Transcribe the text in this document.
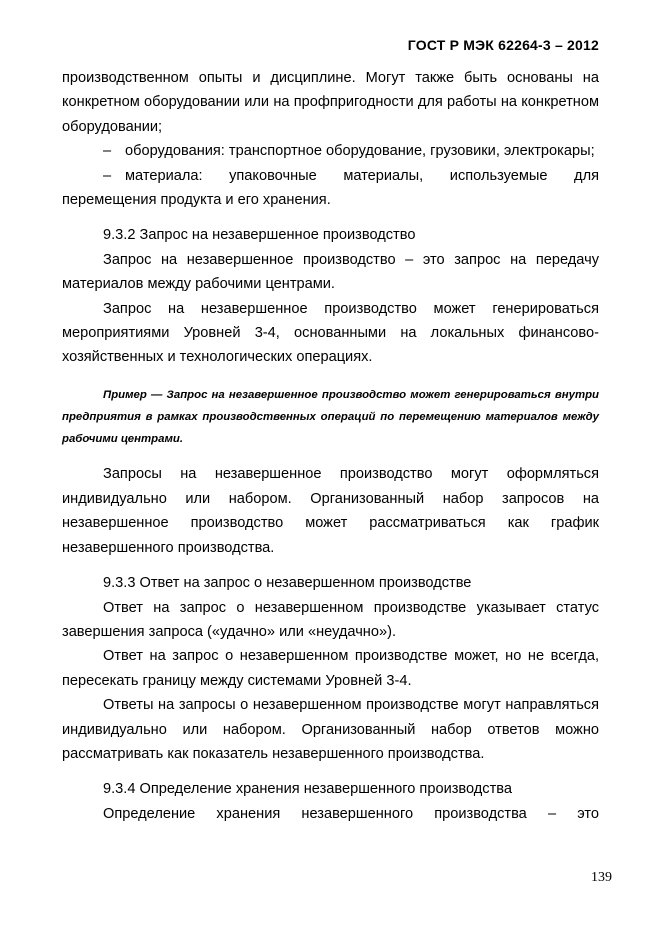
ГОСТ Р МЭК 62264-3 – 2012

производственном опыты и дисциплине. Могут также быть основаны на конкретном оборудовании или на профпригодности для работы на конкретном оборудовании;

– оборудования: транспортное оборудование, грузовики, электрокары;

– материала: упаковочные материалы, используемые для перемещения продукта и его хранения.

9.3.2 Запрос на незавершенное производство

Запрос на незавершенное производство – это запрос на передачу материалов между рабочими центрами.

Запрос на незавершенное производство может генерироваться мероприятиями Уровней 3-4, основанными на локальных финансово-хозяйственных и технологических операциях.

Пример — Запрос на незавершенное производство может генерироваться внутри предприятия в рамках производственных операций по перемещению материалов между рабочими центрами.

Запросы на незавершенное производство могут оформляться индивидуально или набором. Организованный набор запросов на незавершенное производство может рассматриваться как график незавершенного производства.

9.3.3 Ответ на запрос о незавершенном производстве

Ответ на запрос о незавершенном производстве указывает статус завершения запроса («удачно» или «неудачно»).

Ответ на запрос о незавершенном производстве может, но не всегда, пересекать границу между системами Уровней 3-4.

Ответы на запросы о незавершенном производстве могут направляться индивидуально или набором. Организованный набор ответов можно рассматривать как показатель незавершенного производства.

9.3.4 Определение хранения незавершенного производства

Определение хранения незавершенного производства – это

139
